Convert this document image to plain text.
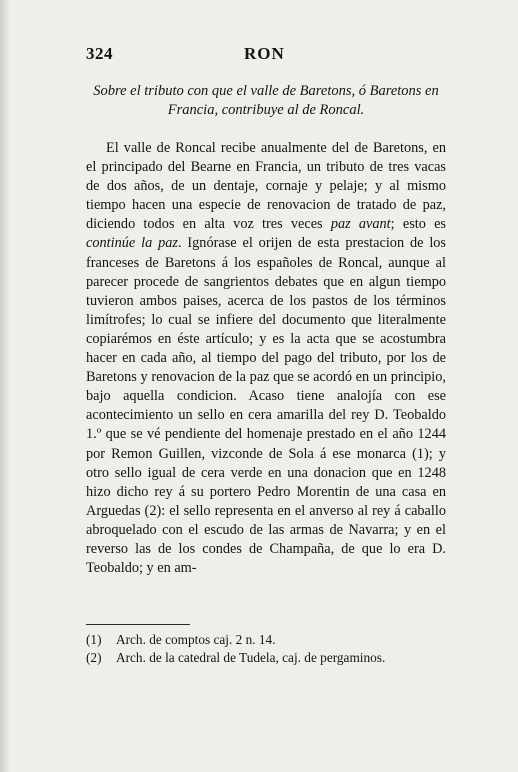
324	RON
Sobre el tributo con que el valle de Baretons, ó Baretons en Francia, contribuye al de Roncal.

El valle de Roncal recibe anualmente del de Baretons, en el principado del Bearne en Francia, un tributo de tres vacas de dos años, de un dentaje, cornaje y pelaje; y al mismo tiempo hacen una especie de renovacion de tratado de paz, diciendo todos en alta voz tres veces paz avant; esto es continúe la paz. Ignórase el orijen de esta prestacion de los franceses de Baretons á los españoles de Roncal, aunque al parecer procede de sangrientos debates que en algun tiempo tuvieron ambos paises, acerca de los pastos de los términos limítrofes; lo cual se infiere del documento que literalmente copiarémos en éste artículo; y es la acta que se acostumbra hacer en cada año, al tiempo del pago del tributo, por los de Baretons y renovacion de la paz que se acordó en un principio, bajo aquella condicion. Acaso tiene analojía con ese acontecimiento un sello en cera amarilla del rey D. Teobaldo 1.º que se vé pendiente del homenaje prestado en el año 1244 por Remon Guillen, vizconde de Sola á ese monarca (1); y otro sello igual de cera verde en una donacion que en 1248 hizo dicho rey á su portero Pedro Morentin de una casa en Arguedas (2): el sello representa en el anverso al rey á caballo abroquelado con el escudo de las armas de Navarra; y en el reverso las de los condes de Champaña, de que lo era D. Teobaldo; y en am-

(1) Arch. de comptos caj. 2 n. 14.
(2) Arch. de la catedral de Tudela, caj. de pergaminos.
